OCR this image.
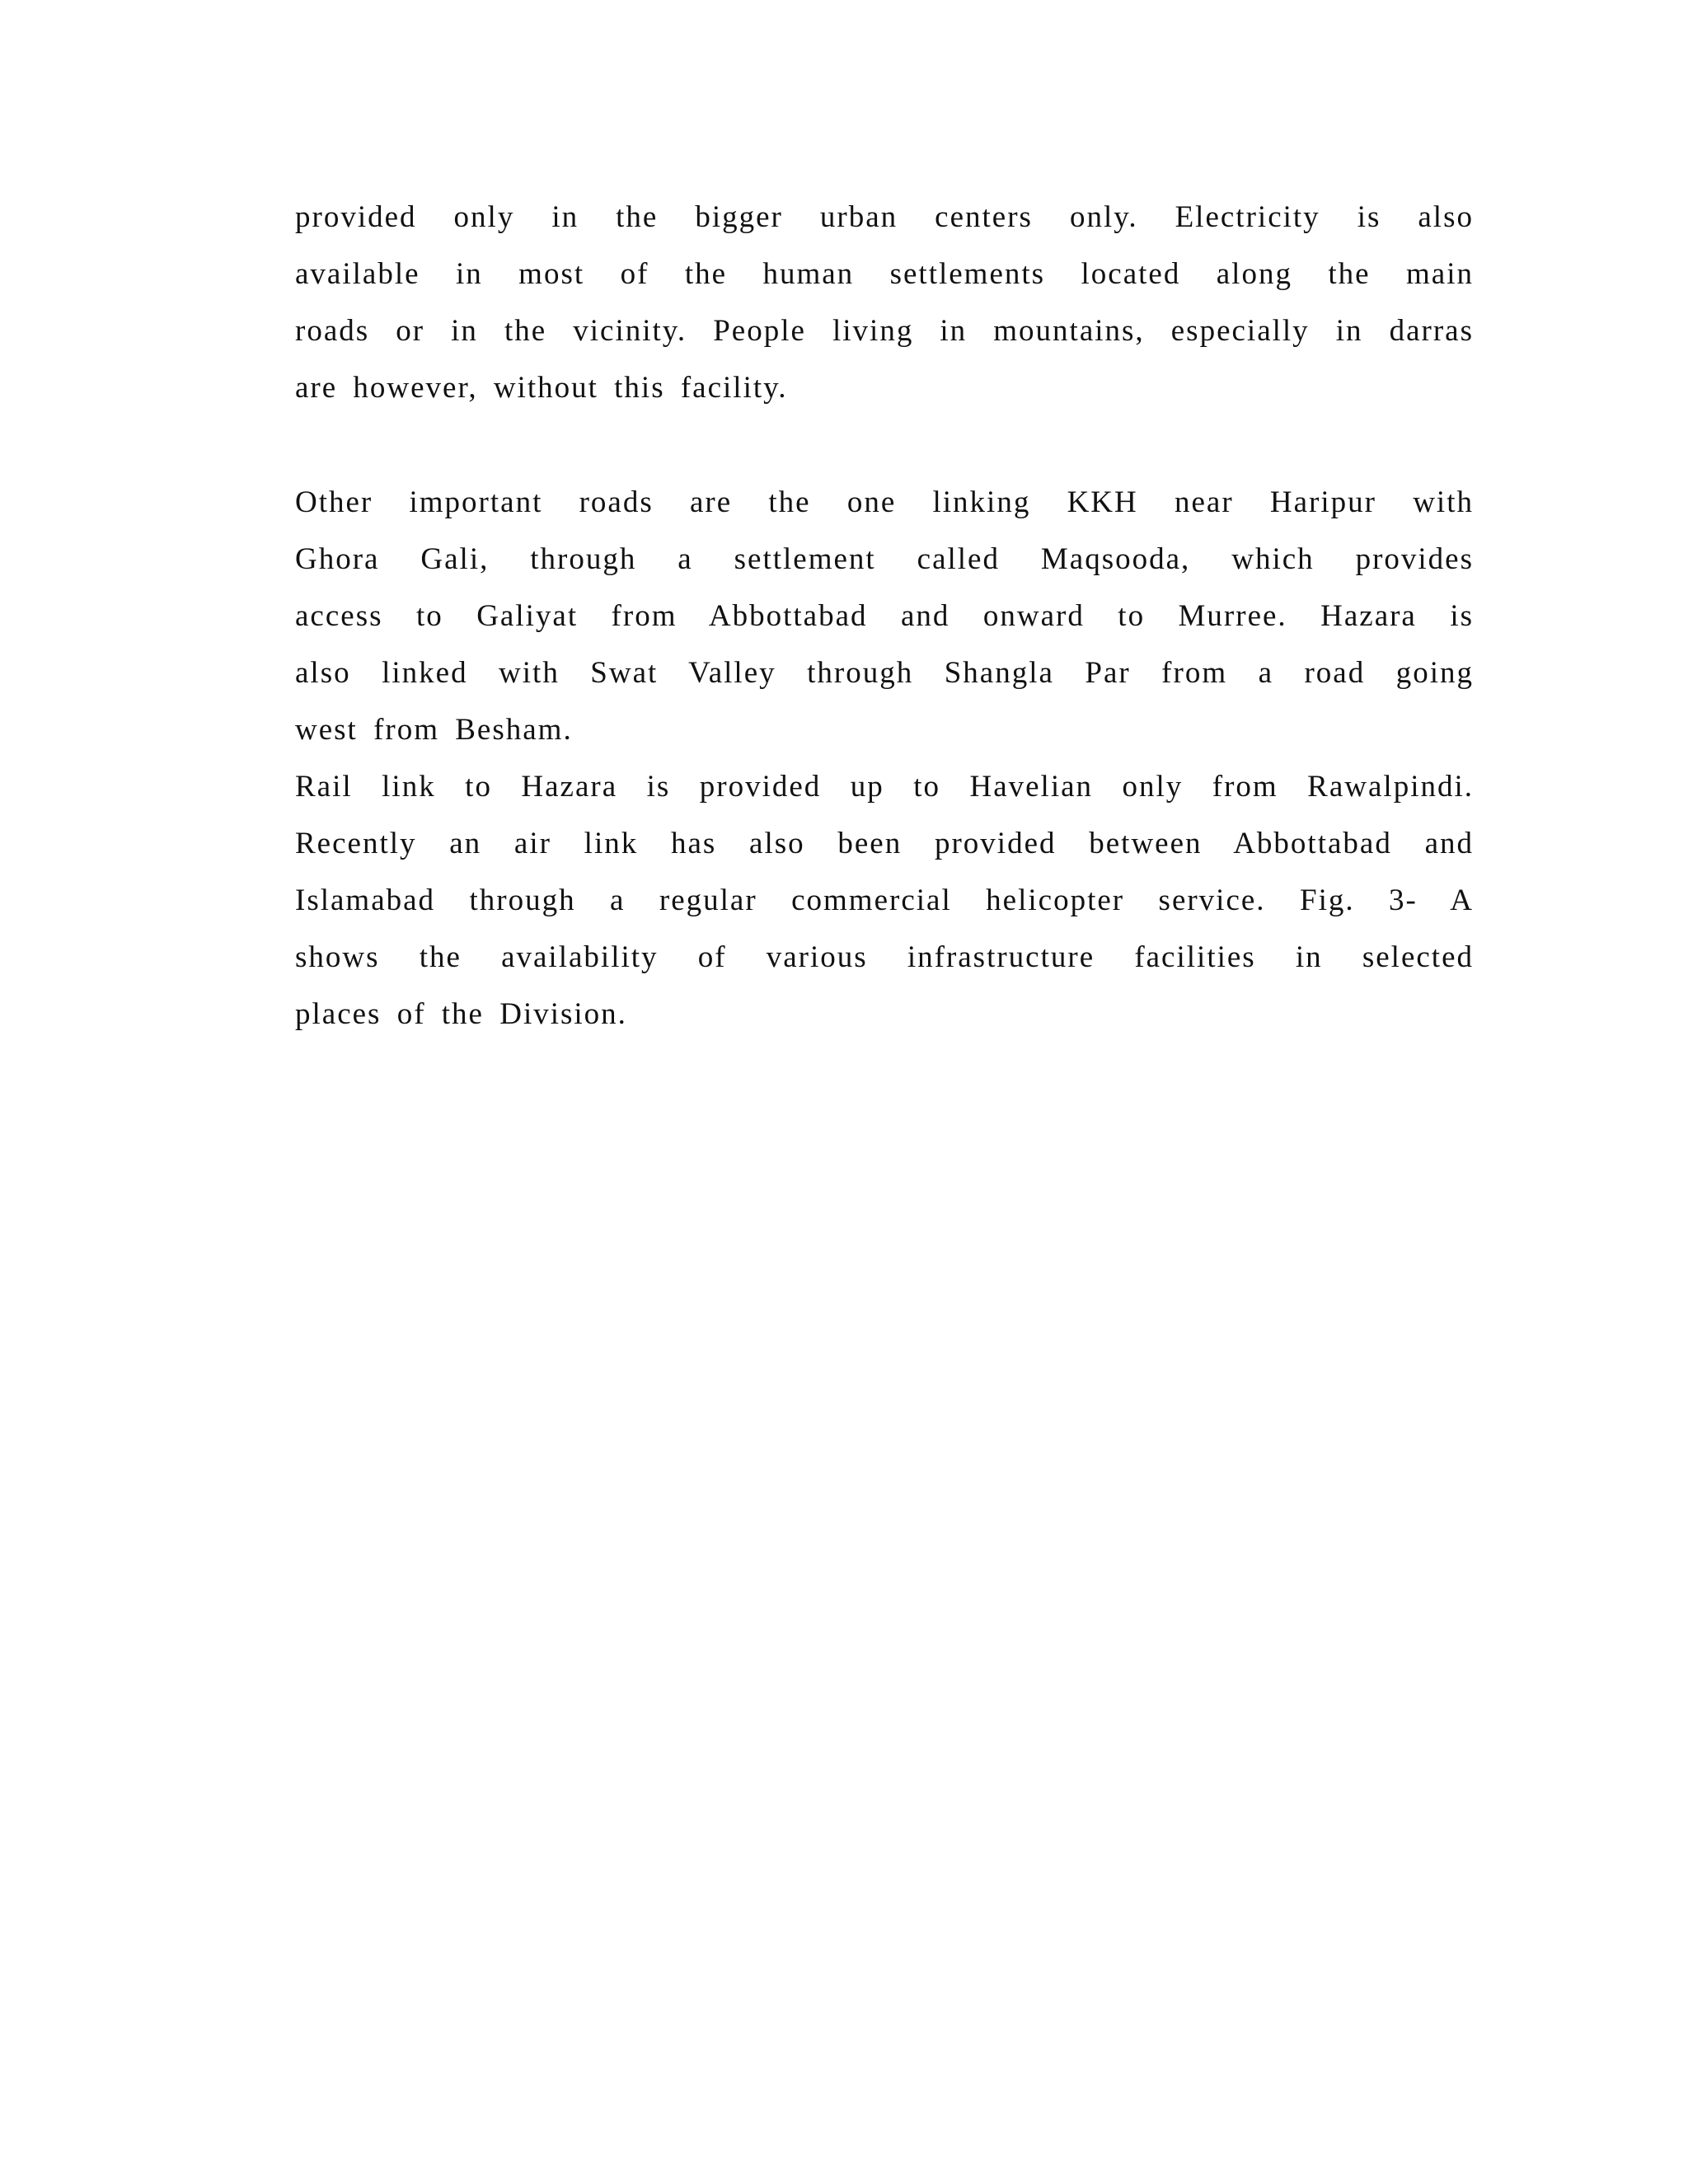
provided only in the bigger urban centers only. Electricity is also
available in most of the human settlements located along the main
roads or in the vicinity. People living in mountains, especially in darras
are however, without this facility.
Other important roads are the one linking KKH near Haripur with
Ghora Gali, through a settlement called Maqsooda, which provides
access to Galiyat from Abbottabad and onward to Murree. Hazara is
also linked with Swat Valley through Shangla Par from a road going
west from Besham.
Rail link to Hazara is provided up to Havelian only from Rawalpindi.
Recently an air link has also been provided between Abbottabad and
Islamabad through a regular commercial helicopter service. Fig. 3- A
shows the availability of various infrastructure facilities in selected
places of the Division.
